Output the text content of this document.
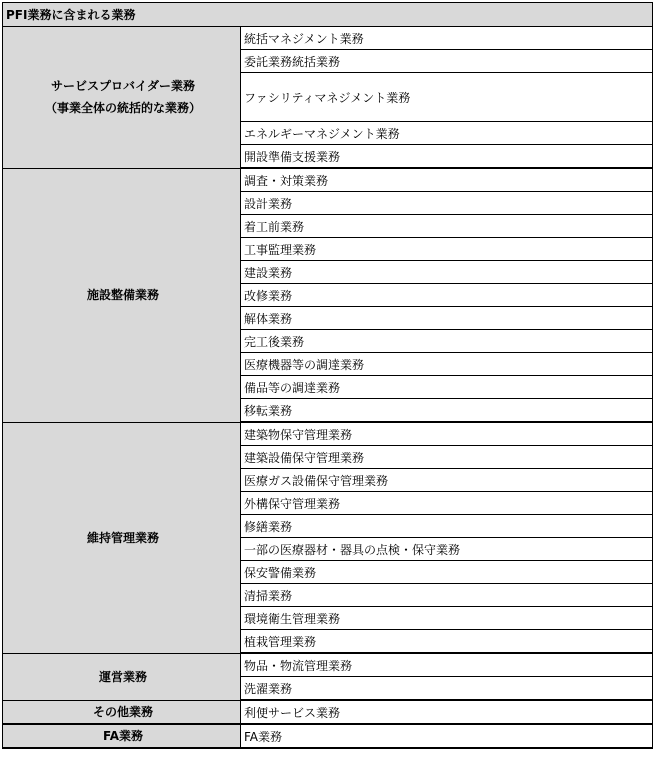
PFI業務に含まれる業務	

サービスプロバイダー業務
（事業全体の統括的な業務）	統括マネジメント業務
	委託業務統括業務
	ファシリティマネジメント業務
	エネルギーマネジメント業務
	開設準備支援業務

施設整備業務	調査・対策業務
	設計業務
	着工前業務
	工事監理業務
	建設業務
	改修業務
	解体業務
	完工後業務
	医療機器等の調達業務
	備品等の調達業務
	移転業務

維持管理業務	建築物保守管理業務
	建築設備保守管理業務
	医療ガス設備保守管理業務
	外構保守管理業務
	修繕業務
	一部の医療器材・器具の点検・保守業務
	保安警備業務
	清掃業務
	環境衛生管理業務
	植栽管理業務

運営業務	物品・物流管理業務
	洗濯業務

その他業務	利便サービス業務

FA業務	FA業務
